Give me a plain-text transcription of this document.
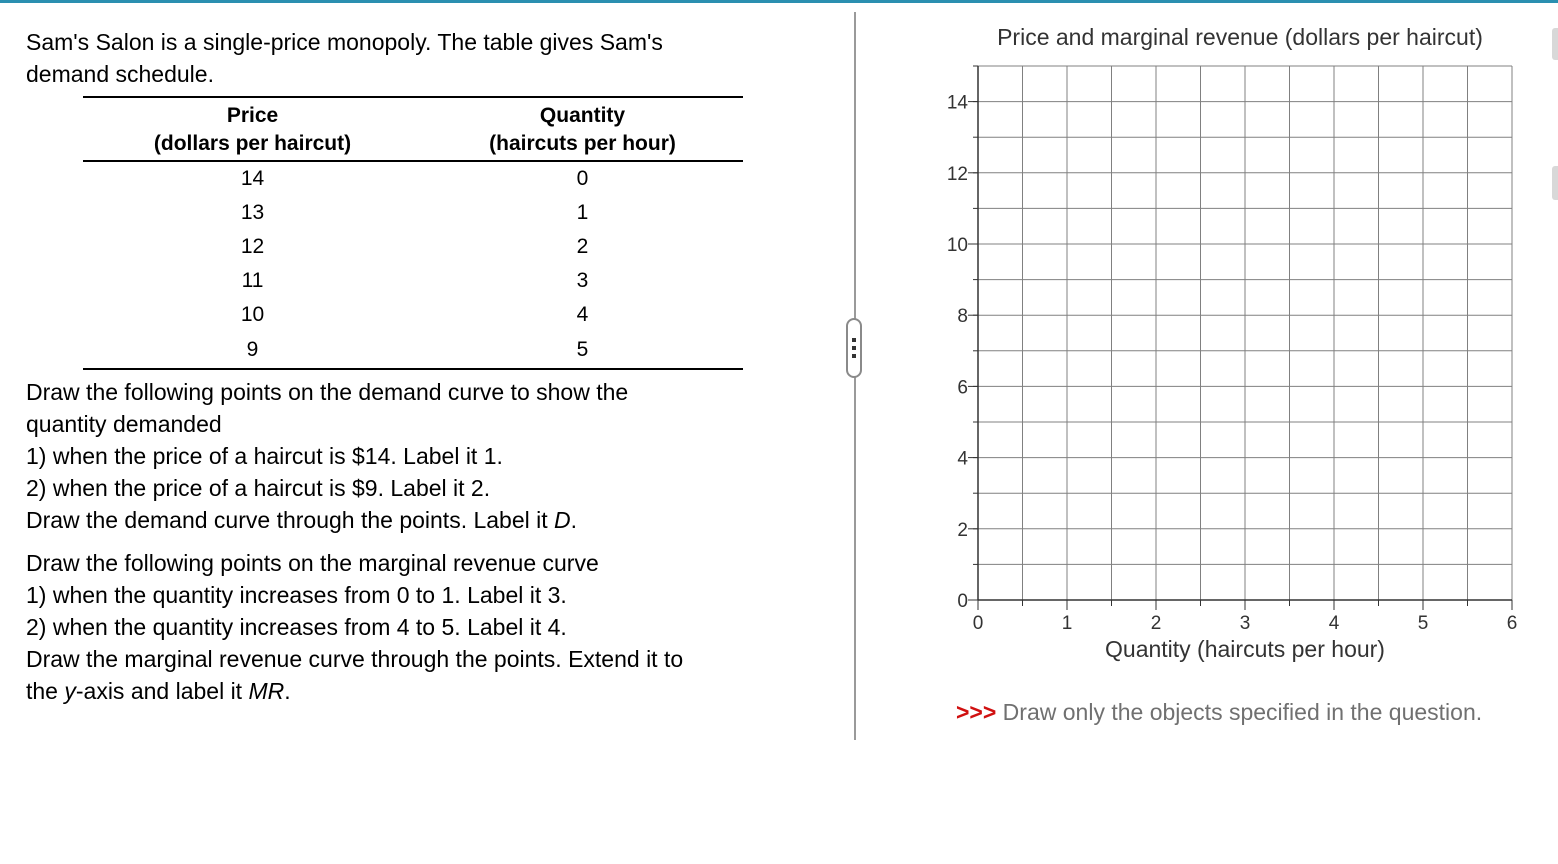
Sam's Salon is a single-price monopoly. The table gives Sam's

demand schedule.

Price	Quantity
(dollars per haircut)	(haircuts per hour)
14	0
13	1
12	2
11	3
10	4
9	5

Draw the following points on the demand curve to show the

quantity demanded

1) when the price of a haircut is $14. Label it 1.

2) when the price of a haircut is $9. Label it 2.

Draw the demand curve through the points. Label it D.

Draw the following points on the marginal revenue curve

1) when the quantity increases from 0 to 1. Label it 3.

2) when the quantity increases from 4 to 5. Label it 4.

Draw the marginal revenue curve through the points. Extend it to

the y-axis and label it MR.

Price and marginal revenue (dollars per haircut)
0
2
4
6
8
10
12
14
0	1	2	3	4	5	6
Quantity (haircuts per hour)
>>> Draw only the objects specified in the question.
